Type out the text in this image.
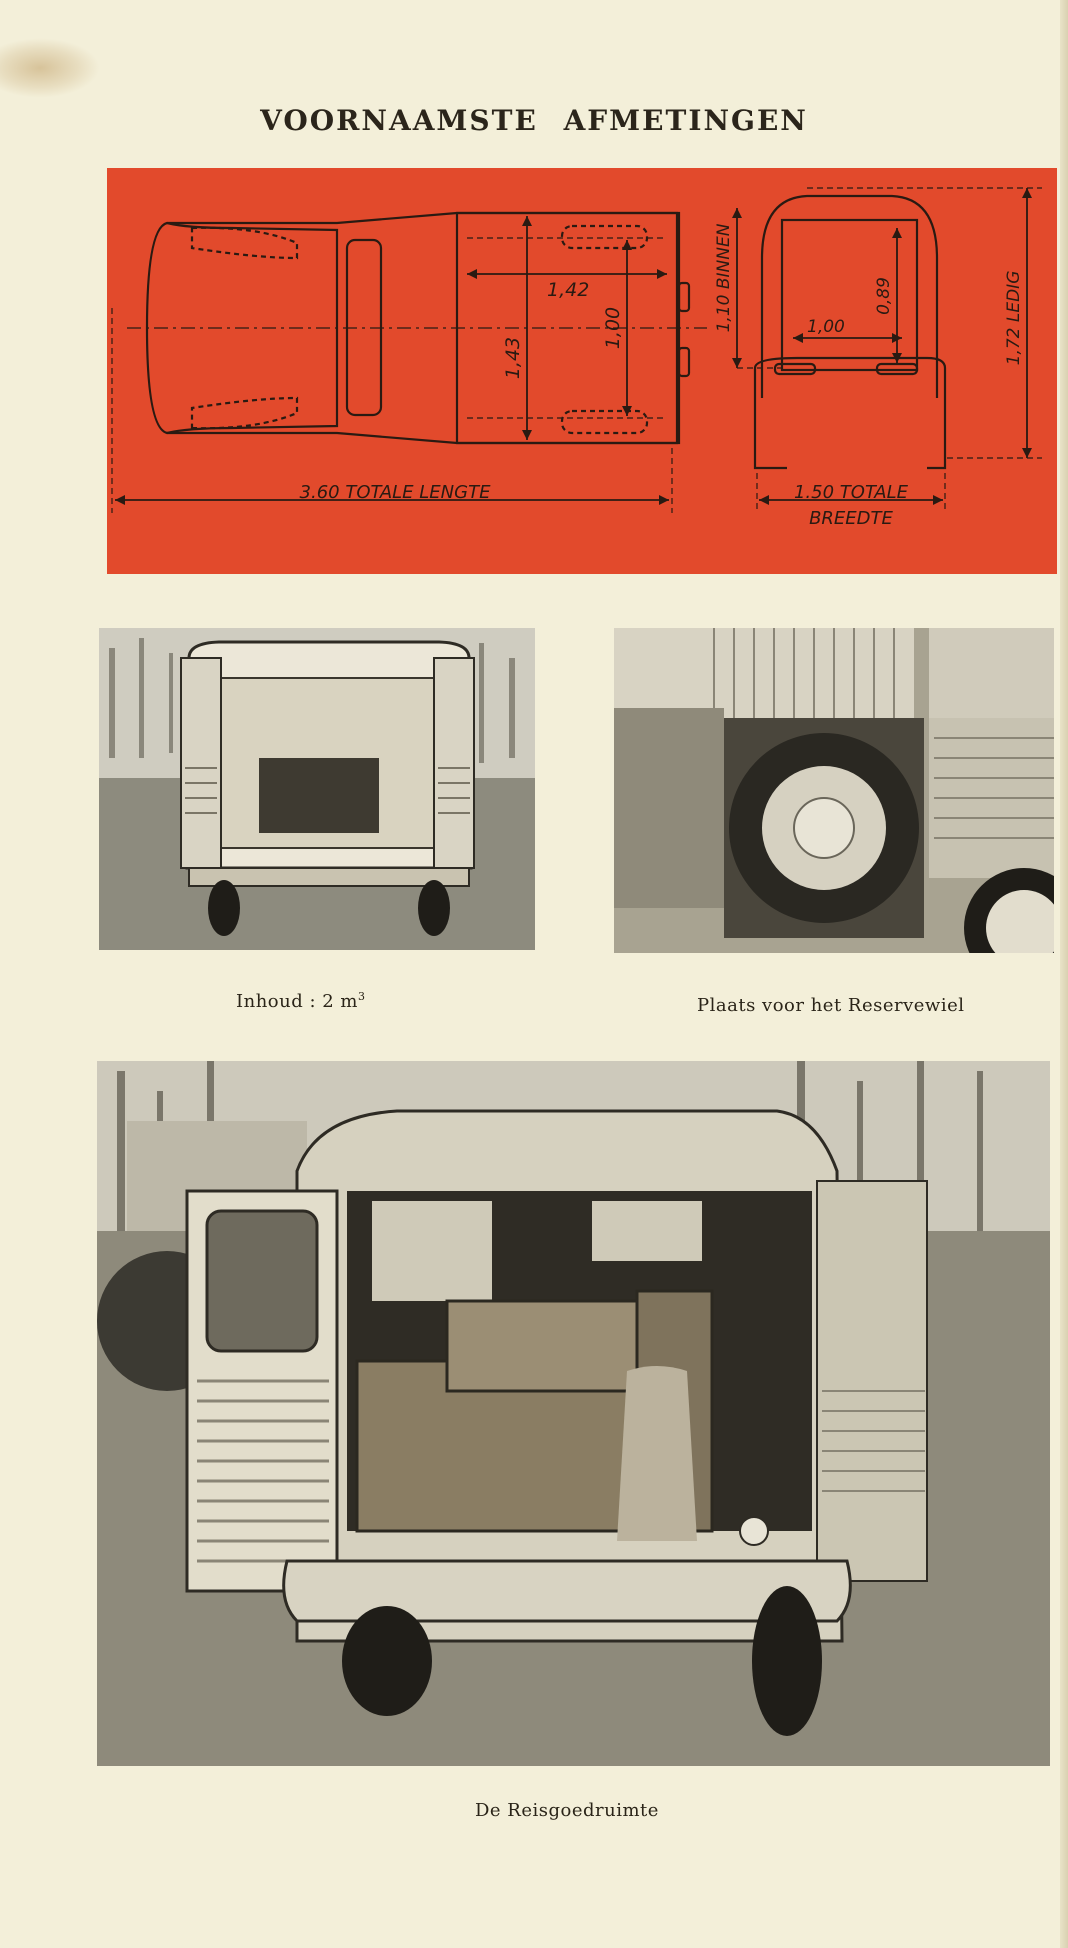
VOORNAAMSTE AFMETINGEN
1,42
1,43
1,00	1,10 BINNEN	1,00
0,89	1,72 LEDIG
3.60 TOTALE LENGTE	1.50 TOTALE
BREEDTE
Inhoud : 2 $m^3$	Plaats voor het Reservewiel
De Reisgoedruimte
